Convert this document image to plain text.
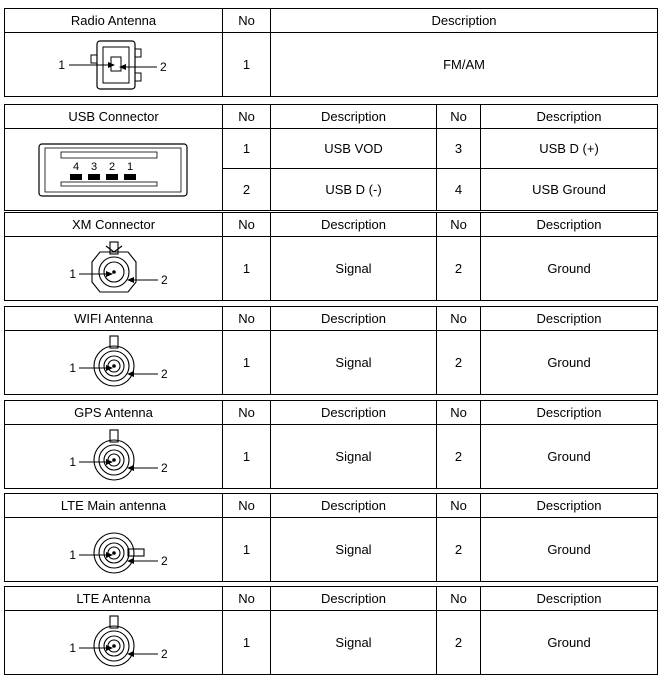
Radio Antenna	No	Description

1 2	1	FM/AM
USB Connector	No	Description	No	Description

4 3 2 1	1	USB VOD	3	USB D (+)
	2	USB D (-)	4	USB Ground
XM Connector	No	Description	No	Description

1 2	1	Signal	2	Ground
WIFI Antenna	No	Description	No	Description

1 2	1	Signal	2	Ground
GPS Antenna	No	Description	No	Description

1 2	1	Signal	2	Ground
LTE Main antenna	No	Description	No	Description

1 2	1	Signal	2	Ground
LTE Antenna	No	Description	No	Description

1 2	1	Signal	2	Ground
